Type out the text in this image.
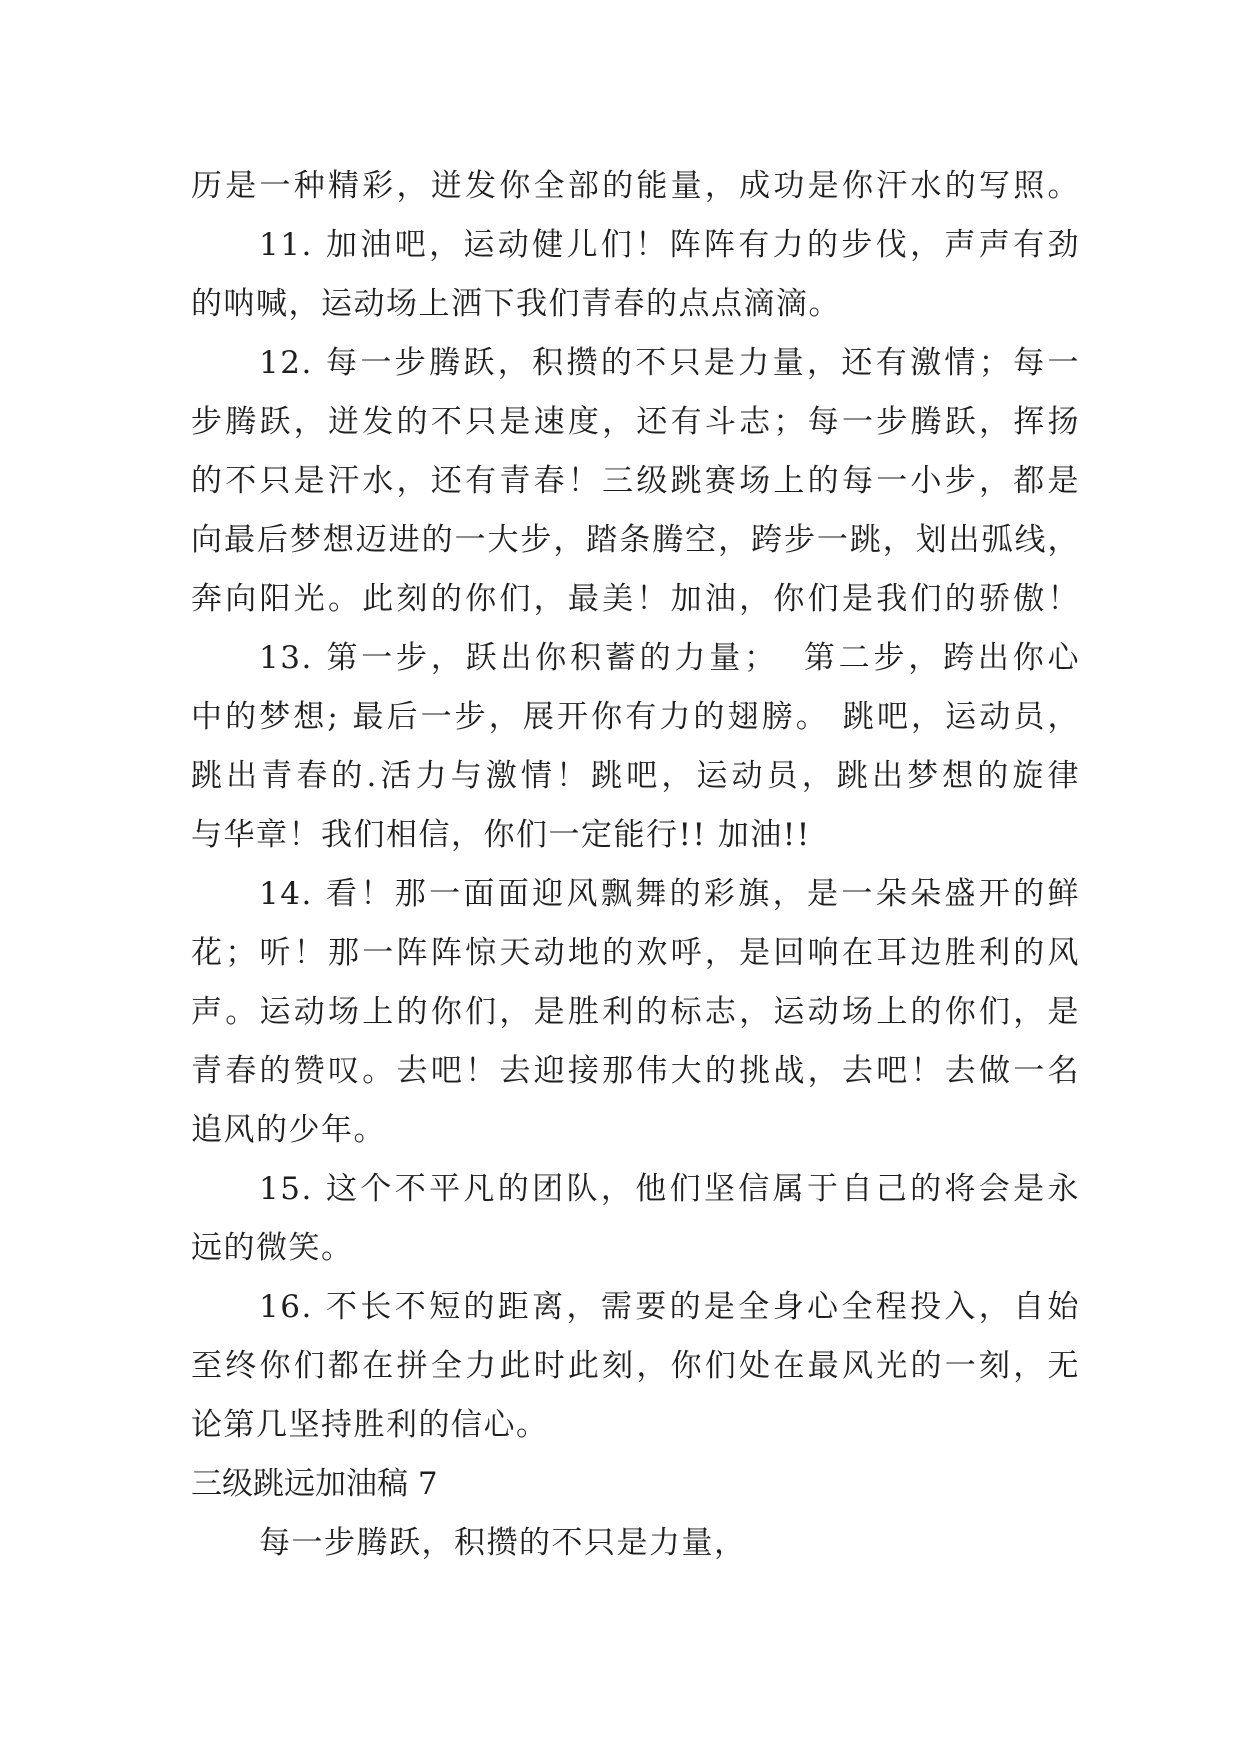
历是一种精彩，迸发你全部的能量，成功是你汗水的写照。
11. 加油吧，运动健儿们！阵阵有力的步伐，声声有劲
的呐喊，运动场上洒下我们青春的点点滴滴。
12. 每一步腾跃，积攒的不只是力量，还有激情；每一
步腾跃，迸发的不只是速度，还有斗志；每一步腾跃，挥扬
的不只是汗水，还有青春！三级跳赛场上的每一小步，都是
向最后梦想迈进的一大步，踏条腾空，跨步一跳，划出弧线，
奔向阳光。此刻的你们，最美！加油，你们是我们的骄傲！
13. 第一步，跃出你积蓄的力量；  第二步，跨出你心
中的梦想; 最后一步，展开你有力的翅膀。 跳吧，运动员，
跳出青春的.活力与激情！跳吧，运动员，跳出梦想的旋律
与华章！我们相信，你们一定能行!! 加油!!
14. 看！那一面面迎风飘舞的彩旗，是一朵朵盛开的鲜
花；听！那一阵阵惊天动地的欢呼，是回响在耳边胜利的风
声。运动场上的你们，是胜利的标志，运动场上的你们，是
青春的赞叹。去吧！去迎接那伟大的挑战，去吧！去做一名
追风的少年。
15. 这个不平凡的团队，他们坚信属于自己的将会是永
远的微笑。
16. 不长不短的距离，需要的是全身心全程投入，自始
至终你们都在拼全力此时此刻，你们处在最风光的一刻，无
论第几坚持胜利的信心。
三级跳远加油稿 7
每一步腾跃，积攒的不只是力量，
